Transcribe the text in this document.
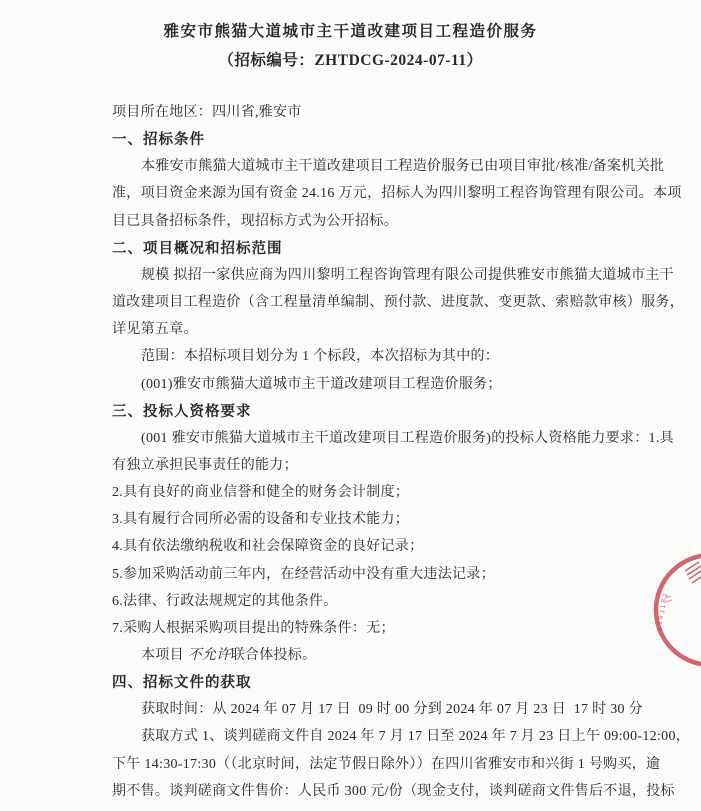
雅安市熊猫大道城市主干道改建项目工程造价服务
（招标编号：ZHTDCG-2024-07-11）
项目所在地区：四川省,雅安市
一、招标条件
本雅安市熊猫大道城市主干道改建项目工程造价服务已由项目审批/核准/备案机关批
准，项目资金来源为国有资金 24.16 万元，招标人为四川黎明工程咨询管理有限公司。本项
目已具备招标条件，现招标方式为公开招标。
二、项目概况和招标范围
规模 拟招一家供应商为四川黎明工程咨询管理有限公司提供雅安市熊猫大道城市主干
道改建项目工程造价（含工程量清单编制、预付款、进度款、变更款、索赔款审核）服务，
详见第五章。
范围：本招标项目划分为 1 个标段，本次招标为其中的：
(001)雅安市熊猫大道城市主干道改建项目工程造价服务；
三、投标人资格要求
(001 雅安市熊猫大道城市主干道改建项目工程造价服务)的投标人资格能力要求：1.具
有独立承担民事责任的能力；
2.具有良好的商业信誉和健全的财务会计制度；
3.具有履行合同所必需的设备和专业技术能力；
4.具有依法缴纳税收和社会保障资金的良好记录；
5.参加采购活动前三年内，在经营活动中没有重大违法记录；
6.法律、行政法规规定的其他条件。
7.采购人根据采购项目提出的特殊条件：无；
本项目 不允许联合体投标。
四、招标文件的获取
获取时间：从 2024 年 07 月 17 日  09 时 00 分到 2024 年 07 月 23 日  17 时 30 分
获取方式 1、谈判磋商文件自 2024 年 7 月 17 日至 2024 年 7 月 23 日上午 09:00-12:00，
下午 14:30-17:30（（北京时间，法定节假日除外））在四川省雅安市和兴街 1 号购买，逾
期不售。谈判磋商文件售价：人民币 300 元/份（现金支付，谈判磋商文件售后不退，投标
5101181
